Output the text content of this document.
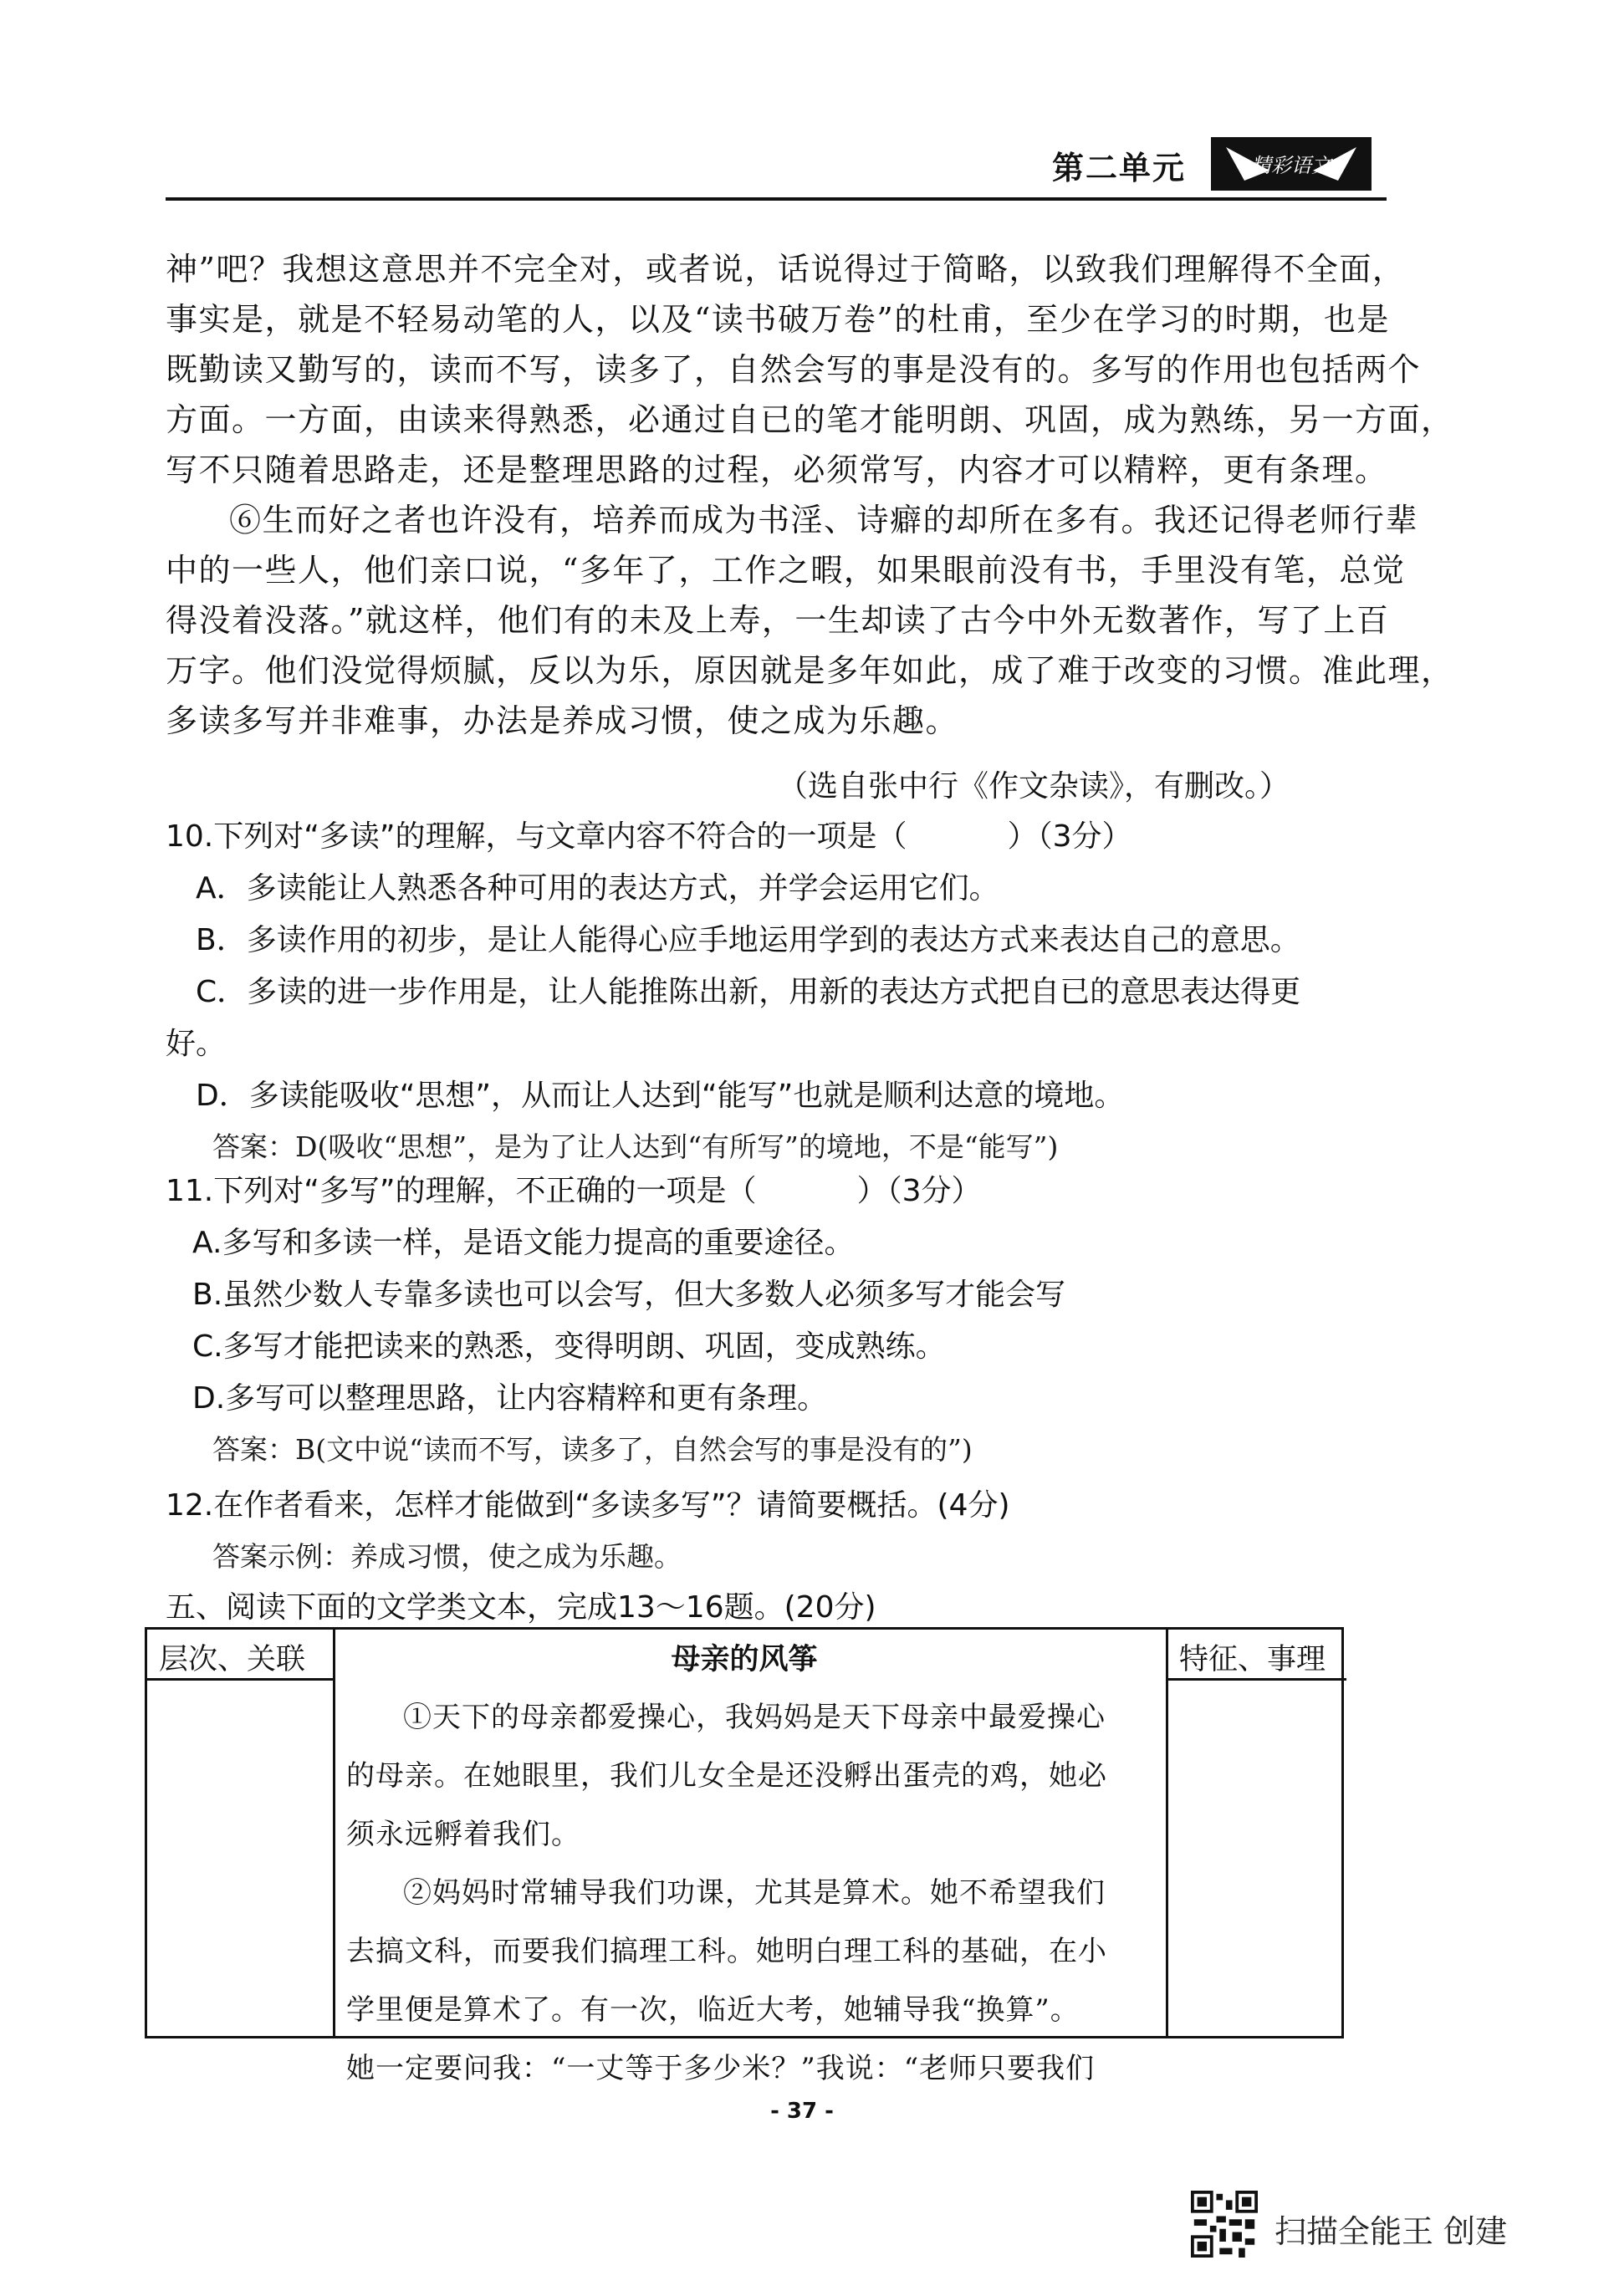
第二单元	精彩语文
神”吧？我想这意思并不完全对，或者说，话说得过于简略，以致我们理解得不全面，
事实是，就是不轻易动笔的人，以及“读书破万卷”的杜甫，至少在学习的时期，也是
既勤读又勤写的，读而不写，读多了，自然会写的事是没有的。多写的作用也包括两个
方面。一方面，由读来得熟悉，必通过自已的笔才能明朗、巩固，成为熟练，另一方面，
写不只随着思路走，还是整理思路的过程，必须常写，内容才可以精粹，更有条理。
⑥生而好之者也许没有，培养而成为书淫、诗癖的却所在多有。我还记得老师行辈
中的一些人，他们亲口说，“多年了，工作之暇，如果眼前没有书，手里没有笔，总觉
得没着没落。”就这样，他们有的未及上寿，一生却读了古今中外无数著作，写了上百
万字。他们没觉得烦腻，反以为乐，原因就是多年如此，成了难于改变的习惯。准此理，
多读多写并非难事，办法是养成习惯，使之成为乐趣。
（选自张中行《作文杂读》，有删改。）
10.下列对“多读”的理解，与文章内容不符合的一项是（	）（3分）
A．多读能让人熟悉各种可用的表达方式，并学会运用它们。
B．多读作用的初步，是让人能得心应手地运用学到的表达方式来表达自己的意思。
C．多读的进一步作用是，让人能推陈出新，用新的表达方式把自已的意思表达得更
好。
D．多读能吸收“思想”，从而让人达到“能写”也就是顺利达意的境地。
答案：D(吸收“思想”，是为了让人达到“有所写”的境地，不是“能写”)
11.下列对“多写”的理解，不正确的一项是（	）（3分）
A.多写和多读一样，是语文能力提高的重要途径。
B.虽然少数人专靠多读也可以会写，但大多数人必须多写才能会写
C.多写才能把读来的熟悉，变得明朗、巩固，变成熟练。
D.多写可以整理思路，让内容精粹和更有条理。
答案：B(文中说“读而不写，读多了，自然会写的事是没有的”)
12.在作者看来，怎样才能做到“多读多写”？请简要概括。(4分)
答案示例：养成习惯，使之成为乐趣。
五、阅读下面的文学类文本，完成13～16题。(20分)
层次、关联	母亲的风筝	特征、事理
①天下的母亲都爱操心，我妈妈是天下母亲中最爱操心
的母亲。在她眼里，我们儿女全是还没孵出蛋壳的鸡，她必
须永远孵着我们。
②妈妈时常辅导我们功课，尤其是算术。她不希望我们
去搞文科，而要我们搞理工科。她明白理工科的基础，在小
学里便是算术了。有一次，临近大考，她辅导我“换算”。
她一定要问我：“一丈等于多少米？”我说：“老师只要我们
- 37 -
扫描全能王 创建
